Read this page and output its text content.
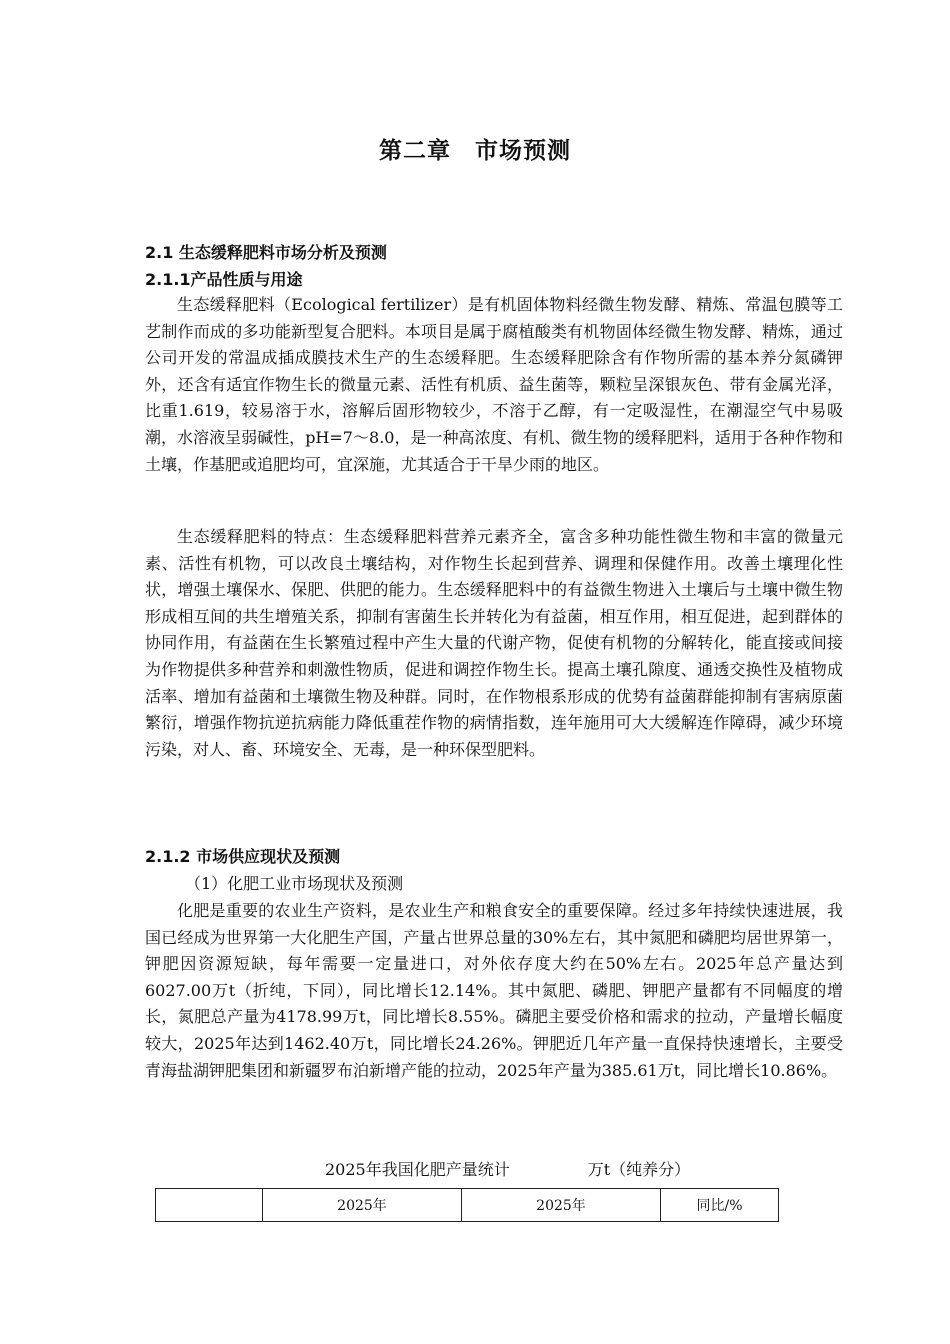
第二章　市场预测
2.1 生态缓释肥料市场分析及预测
2.1.1产品性质与用途

生态缓释肥料（Ecological fertilizer）是有机固体物料经微生物发酵、精炼、常温包膜等工艺制作而成的多功能新型复合肥料。本项目是属于腐植酸类有机物固体经微生物发酵、精炼，通过公司开发的常温成插成膜技术生产的生态缓释肥。生态缓释肥除含有作物所需的基本养分氮磷钾外，还含有适宜作物生长的微量元素、活性有机质、益生菌等，颗粒呈深银灰色、带有金属光泽，比重1.619，较易溶于水，溶解后固形物较少，不溶于乙醇，有一定吸湿性，在潮湿空气中易吸潮，水溶液呈弱碱性，pH=7～8.0，是一种高浓度、有机、微生物的缓释肥料，适用于各种作物和土壤，作基肥或追肥均可，宜深施，尤其适合于干旱少雨的地区。

生态缓释肥料的特点：生态缓释肥料营养元素齐全，富含多种功能性微生物和丰富的微量元素、活性有机物，可以改良土壤结构，对作物生长起到营养、调理和保健作用。改善土壤理化性状，增强土壤保水、保肥、供肥的能力。生态缓释肥料中的有益微生物进入土壤后与土壤中微生物形成相互间的共生增殖关系，抑制有害菌生长并转化为有益菌，相互作用，相互促进，起到群体的协同作用，有益菌在生长繁殖过程中产生大量的代谢产物，促使有机物的分解转化，能直接或间接为作物提供多种营养和刺激性物质，促进和调控作物生长。提高土壤孔隙度、通透交换性及植物成活率、增加有益菌和土壤微生物及种群。同时，在作物根系形成的优势有益菌群能抑制有害病原菌繁衍，增强作物抗逆抗病能力降低重茬作物的病情指数，连年施用可大大缓解连作障碍，减少环境污染，对人、畜、环境安全、无毒，是一种环保型肥料。

2.1.2 市场供应现状及预测
（1）化肥工业市场现状及预测

化肥是重要的农业生产资料，是农业生产和粮食安全的重要保障。经过多年持续快速进展，我国已经成为世界第一大化肥生产国，产量占世界总量的30%左右，其中氮肥和磷肥均居世界第一，钾肥因资源短缺，每年需要一定量进口，对外依存度大约在50%左右。2025年总产量达到6027.00万t（折纯，下同），同比增长12.14%。其中氮肥、磷肥、钾肥产量都有不同幅度的增长，氮肥总产量为4178.99万t，同比增长8.55%。磷肥主要受价格和需求的拉动，产量增长幅度较大，2025年达到1462.40万t，同比增长24.26%。钾肥近几年产量一直保持快速增长，主要受青海盐湖钾肥集团和新疆罗布泊新增产能的拉动，2025年产量为385.61万t，同比增长10.86%。

2025年我国化肥产量统计	万t（纯养分）
	2025年	2025年	同比/%
